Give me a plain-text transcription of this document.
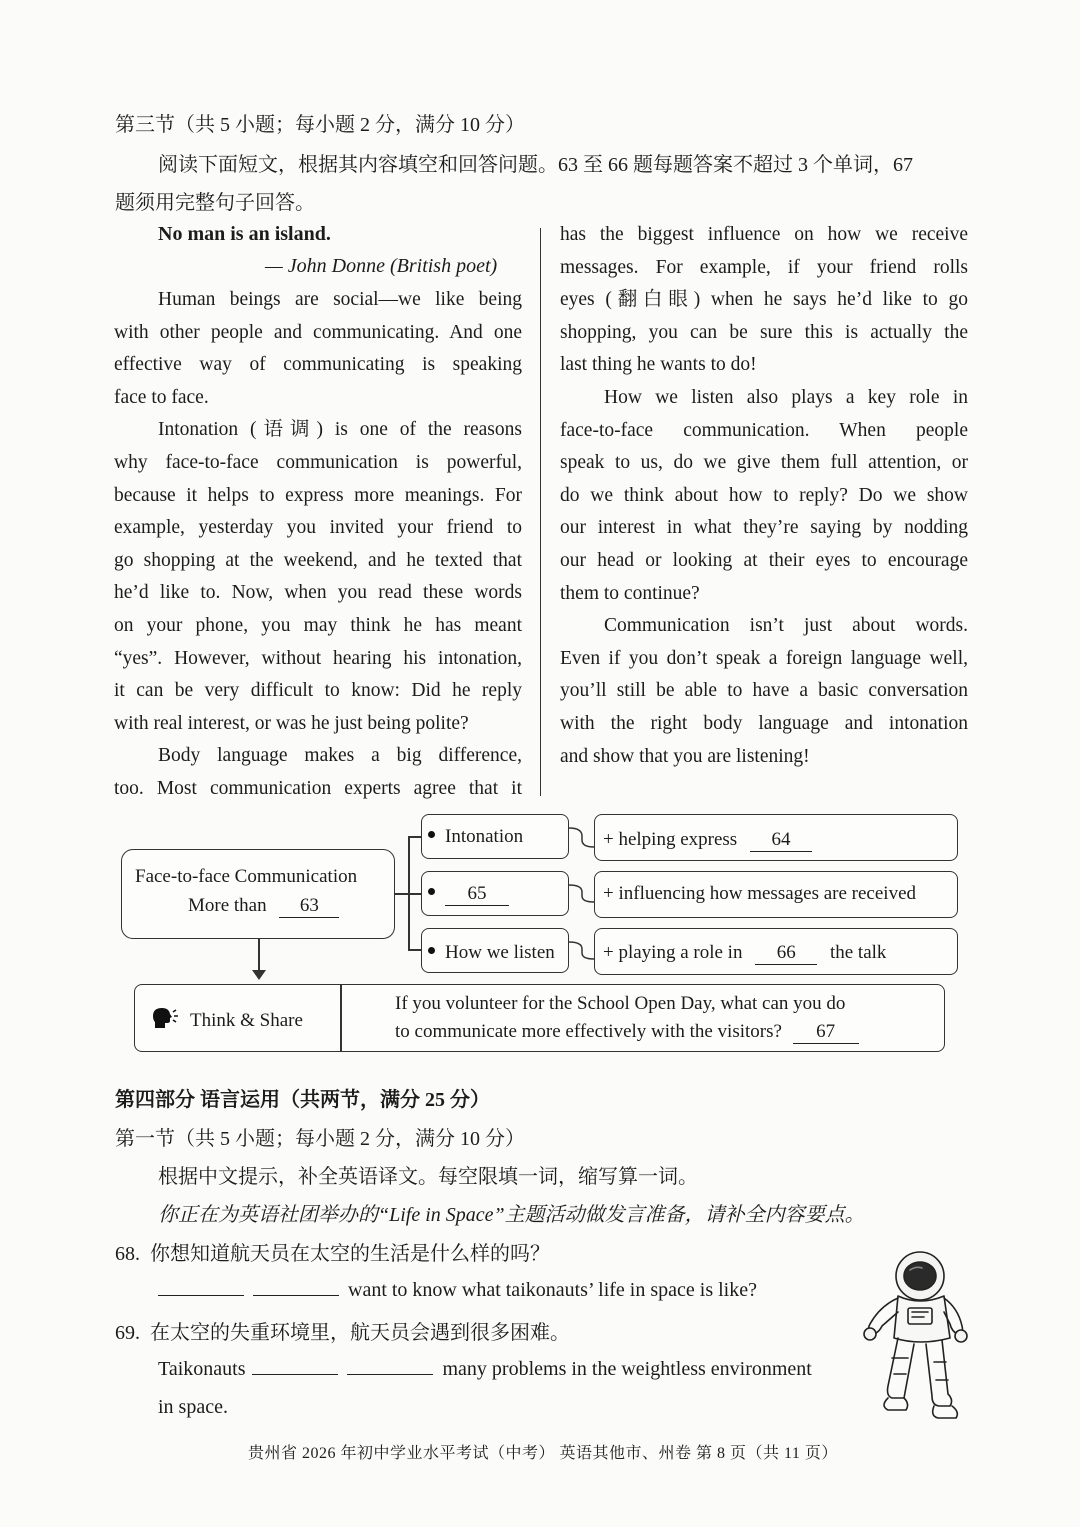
第三节（共 5 小题；每小题 2 分，满分 10 分）
阅读下面短文，根据其内容填空和回答问题。63 至 66 题每题答案不超过 3 个单词，67
题须用完整句子回答。
No man is an island.
— John Donne (British poet)

Human beings are social—we like being

with other people and communicating. And one

effective way of communicating is speaking

face to face.

Intonation (语调) is one of the reasons

why face-to-face communication is powerful,

because it helps to express more meanings. For

example, yesterday you invited your friend to

go shopping at the weekend, and he texted that

he’d like to. Now, when you read these words

on your phone, you may think he has meant

“yes”. However, without hearing his intonation,

it can be very difficult to know: Did he reply

with real interest, or was he just being polite?

Body language makes a big difference,

too. Most communication experts agree that it

has the biggest influence on how we receive

messages. For example, if your friend rolls

eyes (翻白眼) when he says he’d like to go

shopping, you can be sure this is actually the

last thing he wants to do!

How we listen also plays a key role in

face-to-face communication. When people

speak to us, do we give them full attention, or

do we think about how to reply? Do we show

our interest in what they’re saying by nodding

our head or looking at their eyes to encourage

them to continue?

Communication isn’t just about words.

Even if you don’t speak a foreign language well,

you’ll still be able to have a basic conversation

with the right body language and intonation

and show that you are listening!

Face-to-face Communication
More than 63
Intonation
65
How we listen
+ helping express 64
+ influencing how messages are received
+ playing a role in 66 the talk
Think & Share
If you volunteer for the School Open Day, what can you do
to communicate more effectively with the visitors? 67
第四部分 语言运用（共两节，满分 25 分）
第一节（共 5 小题；每小题 2 分，满分 10 分）
根据中文提示，补全英语译文。每空限填一词，缩写算一词。
你正在为英语社团举办的“Life in Space”主题活动做发言准备，请补全内容要点。
68. 你想知道航天员在太空的生活是什么样的吗？
want to know what taikonauts’ life in space is like?
69. 在太空的失重环境里，航天员会遇到很多困难。
Taikonauts	many problems in the weightless environment
in space.
贵州省 2026 年初中学业水平考试（中考） 英语其他市、州卷 第 8 页（共 11 页）
